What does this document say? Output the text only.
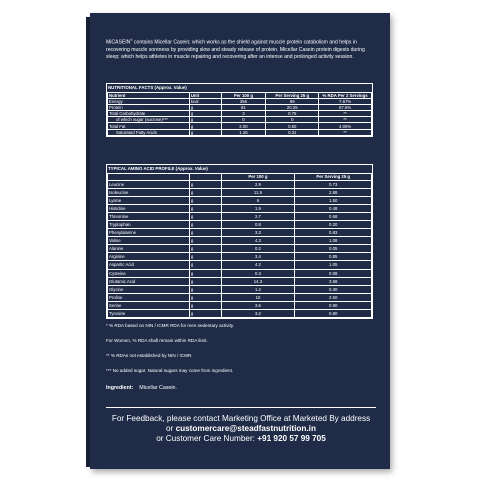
MiCASEIN® contains Micellar Casein; which works as the shield against muscle protein catabolism and helps in recovering muscle soreness by providing slow and steady release of protein. Micellar Casein protein digests during sleep; which helps athletes in muscle repairing and recovering after an intense and prolonged activity session.
NUTRITIONAL FACTS (Approx. Value)
Nutrient	Unit	Per 100 g	Per Serving 25 g	% RDA Per 2 Servings
Energy	kcal	356	89	7.67%
Protein	g	81	20.25	67.5%
Total Carbohydrate	g	3	0.75	**
of which sugar (sucrose)***	g	0	0	**
Total Fat	g	2.00	0.50	4.00%
Saturated Fatty Acids	g	1.26	0.31	**
TYPICAL AMINO ACID PROFILE (Approx. Value)
		Per 100 g	Per Serving 25 g
Leucine	g	2.9	0.73
Isoleucine	g	11.5	2.88
Lysine	g	6	1.50
Histidine	g	1.9	0.48
Threonine	g	2.7	0.68
Tryptophan	g	0.8	0.20
Phenylalanine	g	3.3	0.83
Valine	g	4.3	1.08
Alanine	g	0.2	0.05
Arginine	g	3.4	0.85
Aspartic Acid	g	4.2	1.05
Cysteine	g	0.3	0.08
Glutamic Acid	g	14.3	3.58
Glycine	g	1.2	0.30
Proline	g	10	2.50
Serine	g	3.6	0.90
Tyrosine	g	3.2	0.80

* % RDA based on NIN / ICMR RDA for men sedentary activity.

For Women, % RDA shall remain within RDA limit.

** % RDAs not established by NIN / ICMR.

*** No added sugar. Natural sugars may come from ingredient.

Ingredient: Micellar Casein.
For Feedback, please contact Marketing Office at Marketed By address
or customercare@steadfastnutrition.in
or Customer Care Number: +91 920 57 99 705
